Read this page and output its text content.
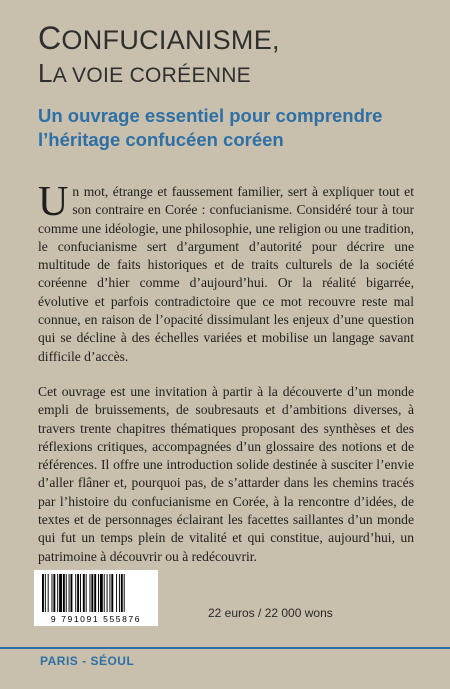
CONFUCIANISME,
LA VOIE CORÉENNE
Un ouvrage essentiel pour comprendre
l’héritage confucéen coréen

Un mot, étrange et faussement familier, sert à expliquer tout et son contraire en Corée : confucianisme. Considéré tour à tour comme une idéologie, une philosophie, une religion ou une tradition, le confucianisme sert d’argument d’autorité pour décrire une multitude de faits historiques et de traits culturels de la société coréenne d’hier comme d’aujourd’hui. Or la réalité bigarrée, évolutive et parfois contradictoire que ce mot recouvre reste mal connue, en raison de l’opacité dissimulant les enjeux d’une question qui se décline à des échelles variées et mobilise un langage savant difficile d’accès.

Cet ouvrage est une invitation à partir à la découverte d’un monde empli de bruissements, de soubresauts et d’ambitions diverses, à travers trente chapitres thématiques proposant des synthèses et des réflexions critiques, accompagnées d’un glossaire des notions et de références. Il offre une introduction solide destinée à susciter l’envie d’aller flâner et, pourquoi pas, de s’attarder dans les chemins tracés par l’histoire du confucianisme en Corée, à la rencontre d’idées, de textes et de personnages éclairant les facettes saillantes d’un monde qui fut un temps plein de vitalité et qui constitue, aujourd’hui, un patrimoine à découvrir ou à redécouvrir.

9 791091 555876	22 euros / 22 000 wons
PARIS - SÉOUL
